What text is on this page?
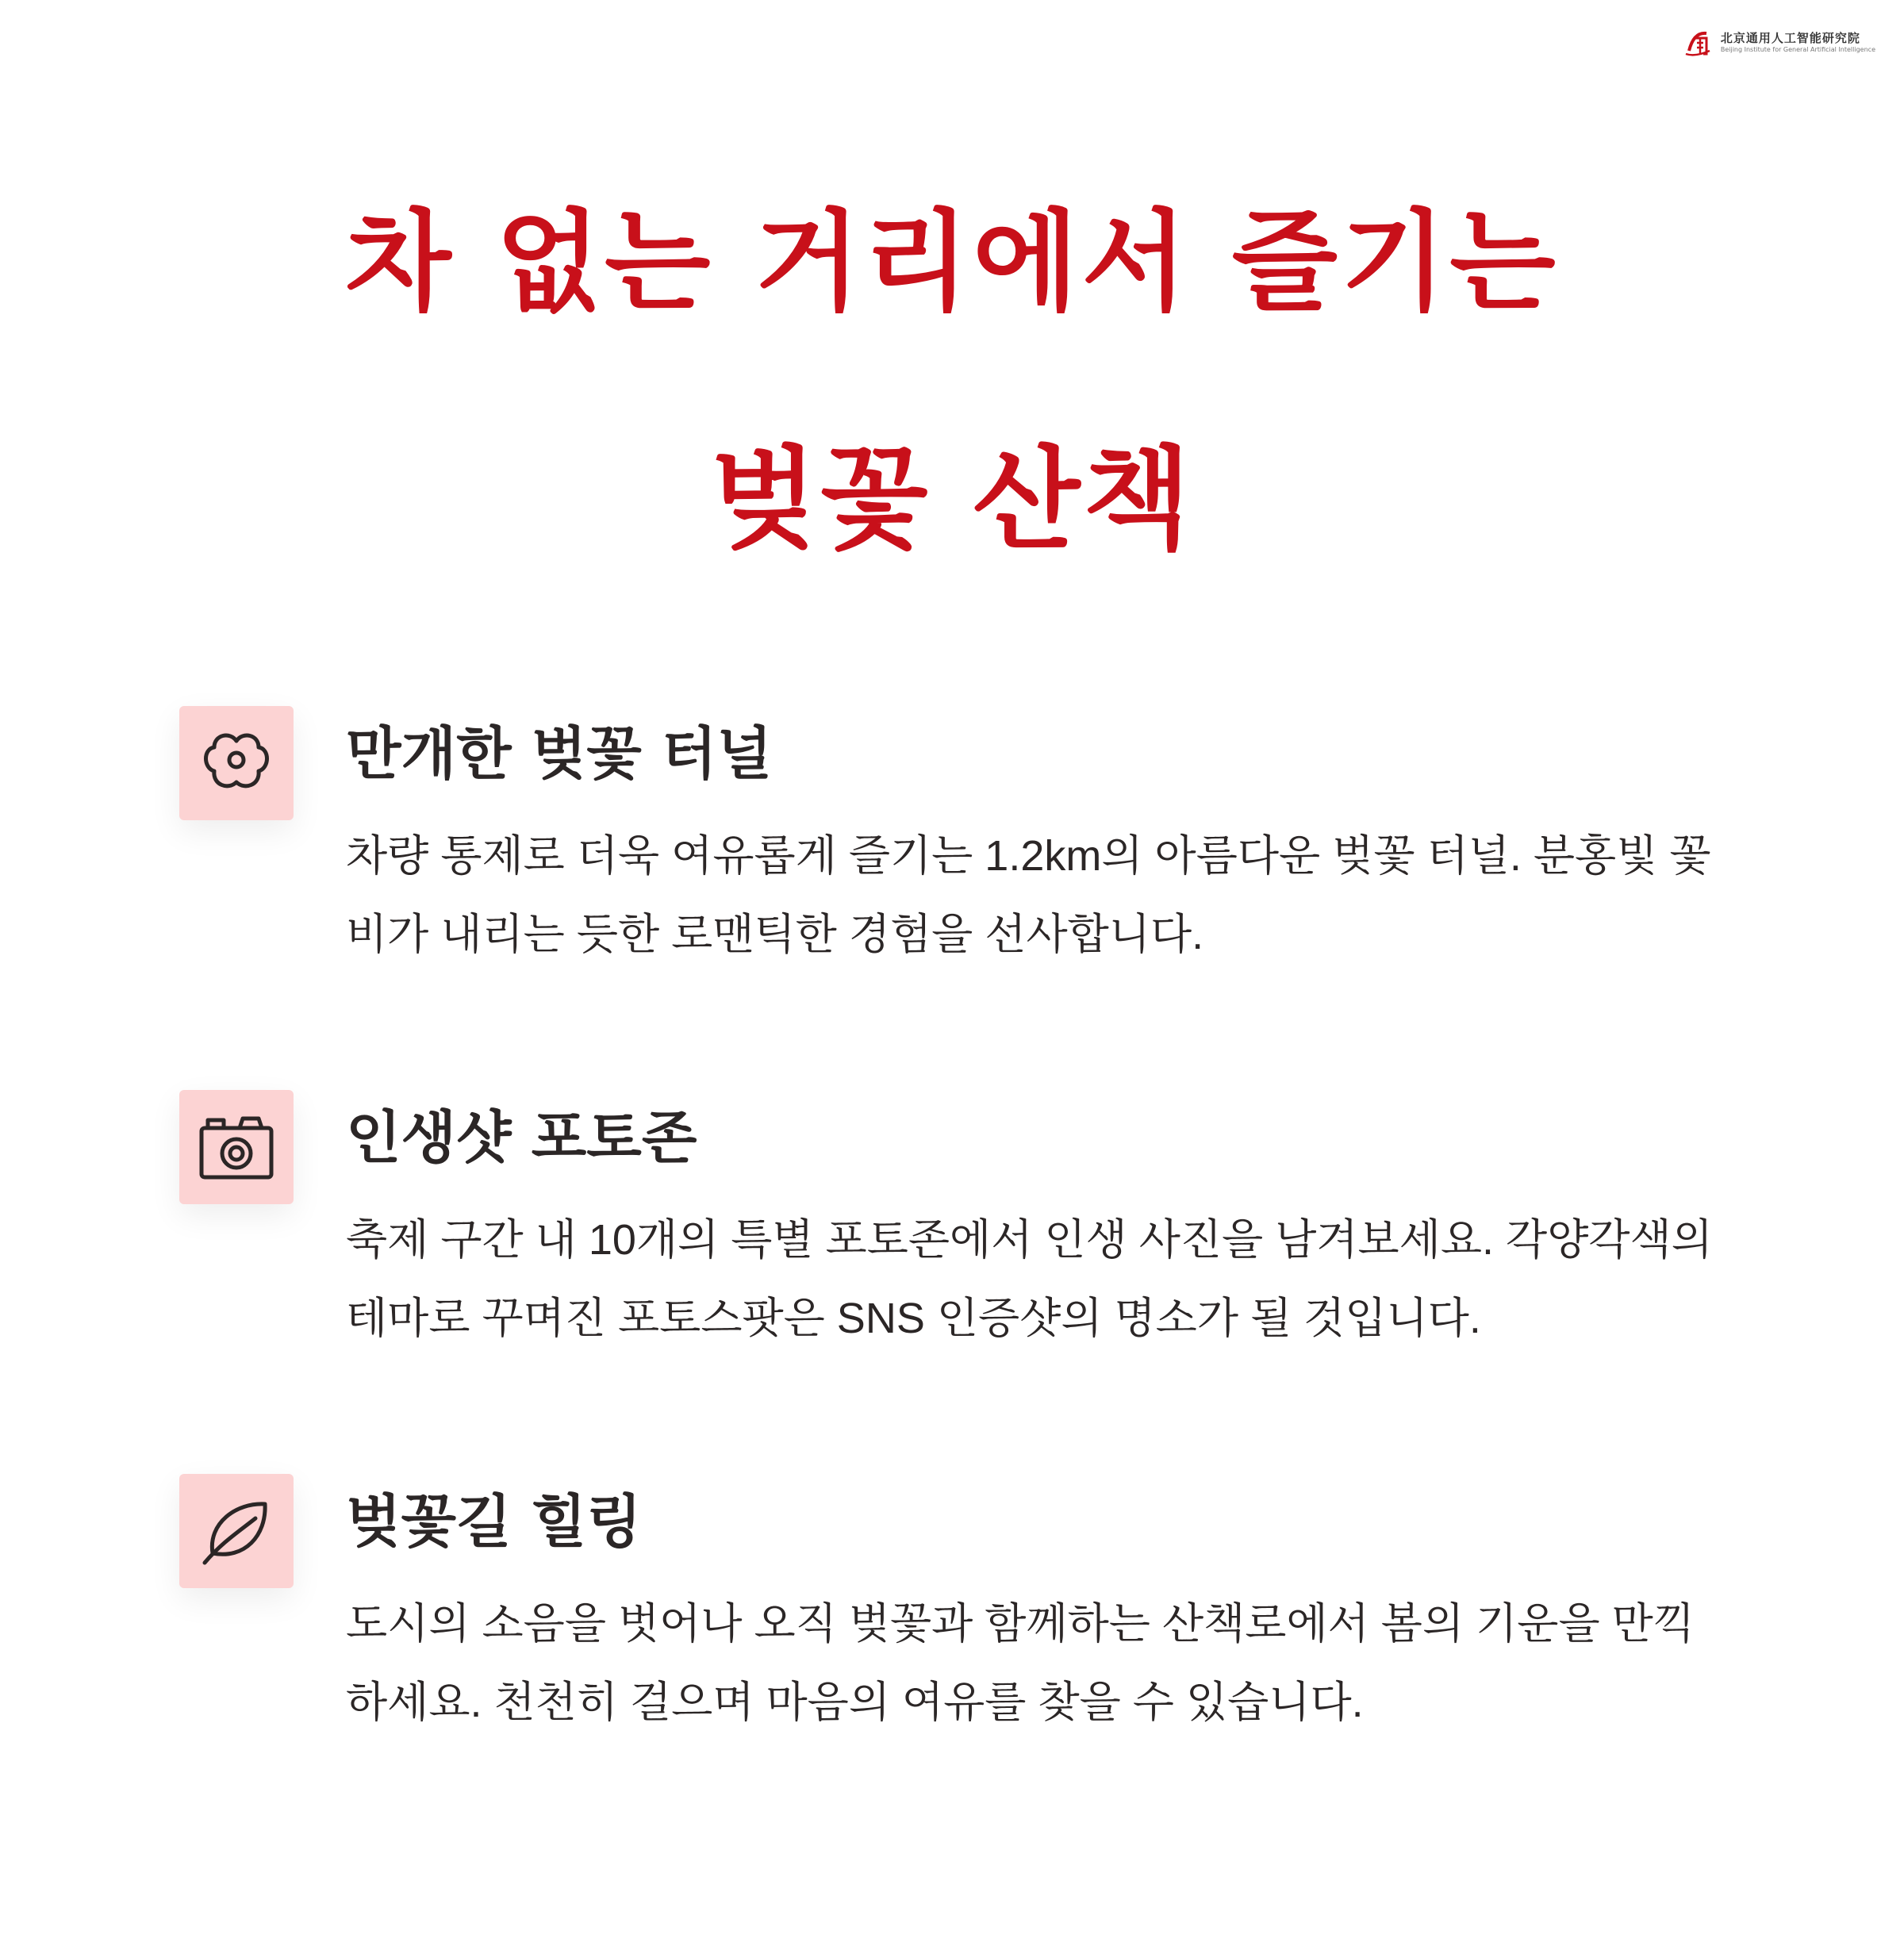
北京通用人工智能研究院
Beijing Institute for General Artificial Intelligence
차 없는 거리에서 즐기는
벚꽃 산책
만개한 벚꽃 터널

차량 통제로 더욱 여유롭게 즐기는 1.2km의 아름다운 벚꽃 터널. 분홍빛 꽃비가 내리는 듯한 로맨틱한 경험을 선사합니다.

인생샷 포토존

축제 구간 내 10개의 특별 포토존에서 인생 사진을 남겨보세요. 각양각색의 테마로 꾸며진 포토스팟은 SNS 인증샷의 명소가 될 것입니다.

벚꽃길 힐링

도시의 소음을 벗어나 오직 벚꽃과 함께하는 산책로에서 봄의 기운을 만끽하세요. 천천히 걸으며 마음의 여유를 찾을 수 있습니다.
